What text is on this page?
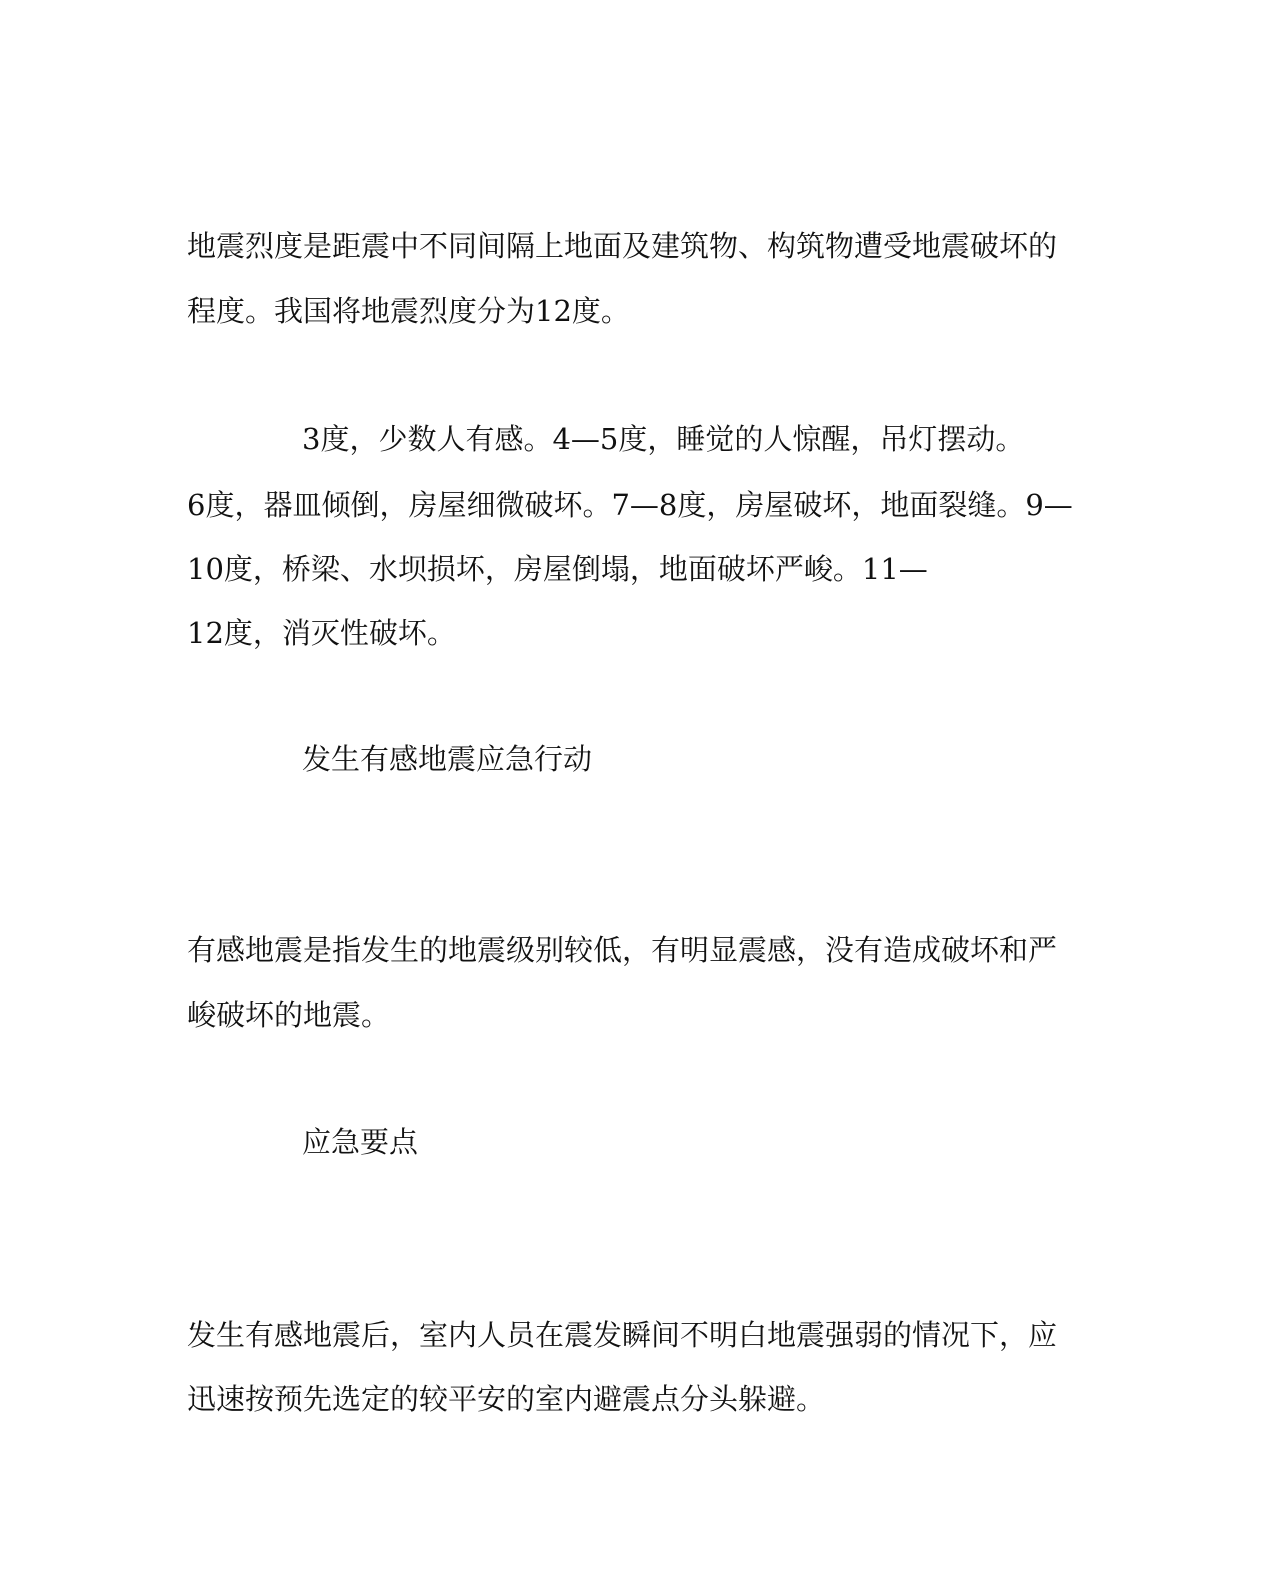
地震烈度是距震中不同间隔上地面及建筑物、构筑物遭受地震破坏的
程度。我国将地震烈度分为12度。
3度，少数人有感。4—5度，睡觉的人惊醒，吊灯摆动。
6度，器皿倾倒，房屋细微破坏。7—8度，房屋破坏，地面裂缝。9—
10度，桥梁、水坝损坏，房屋倒塌，地面破坏严峻。11—
12度，消灭性破坏。
发生有感地震应急行动
有感地震是指发生的地震级别较低，有明显震感，没有造成破坏和严
峻破坏的地震。
应急要点
发生有感地震后，室内人员在震发瞬间不明白地震强弱的情况下，应
迅速按预先选定的较平安的室内避震点分头躲避。
